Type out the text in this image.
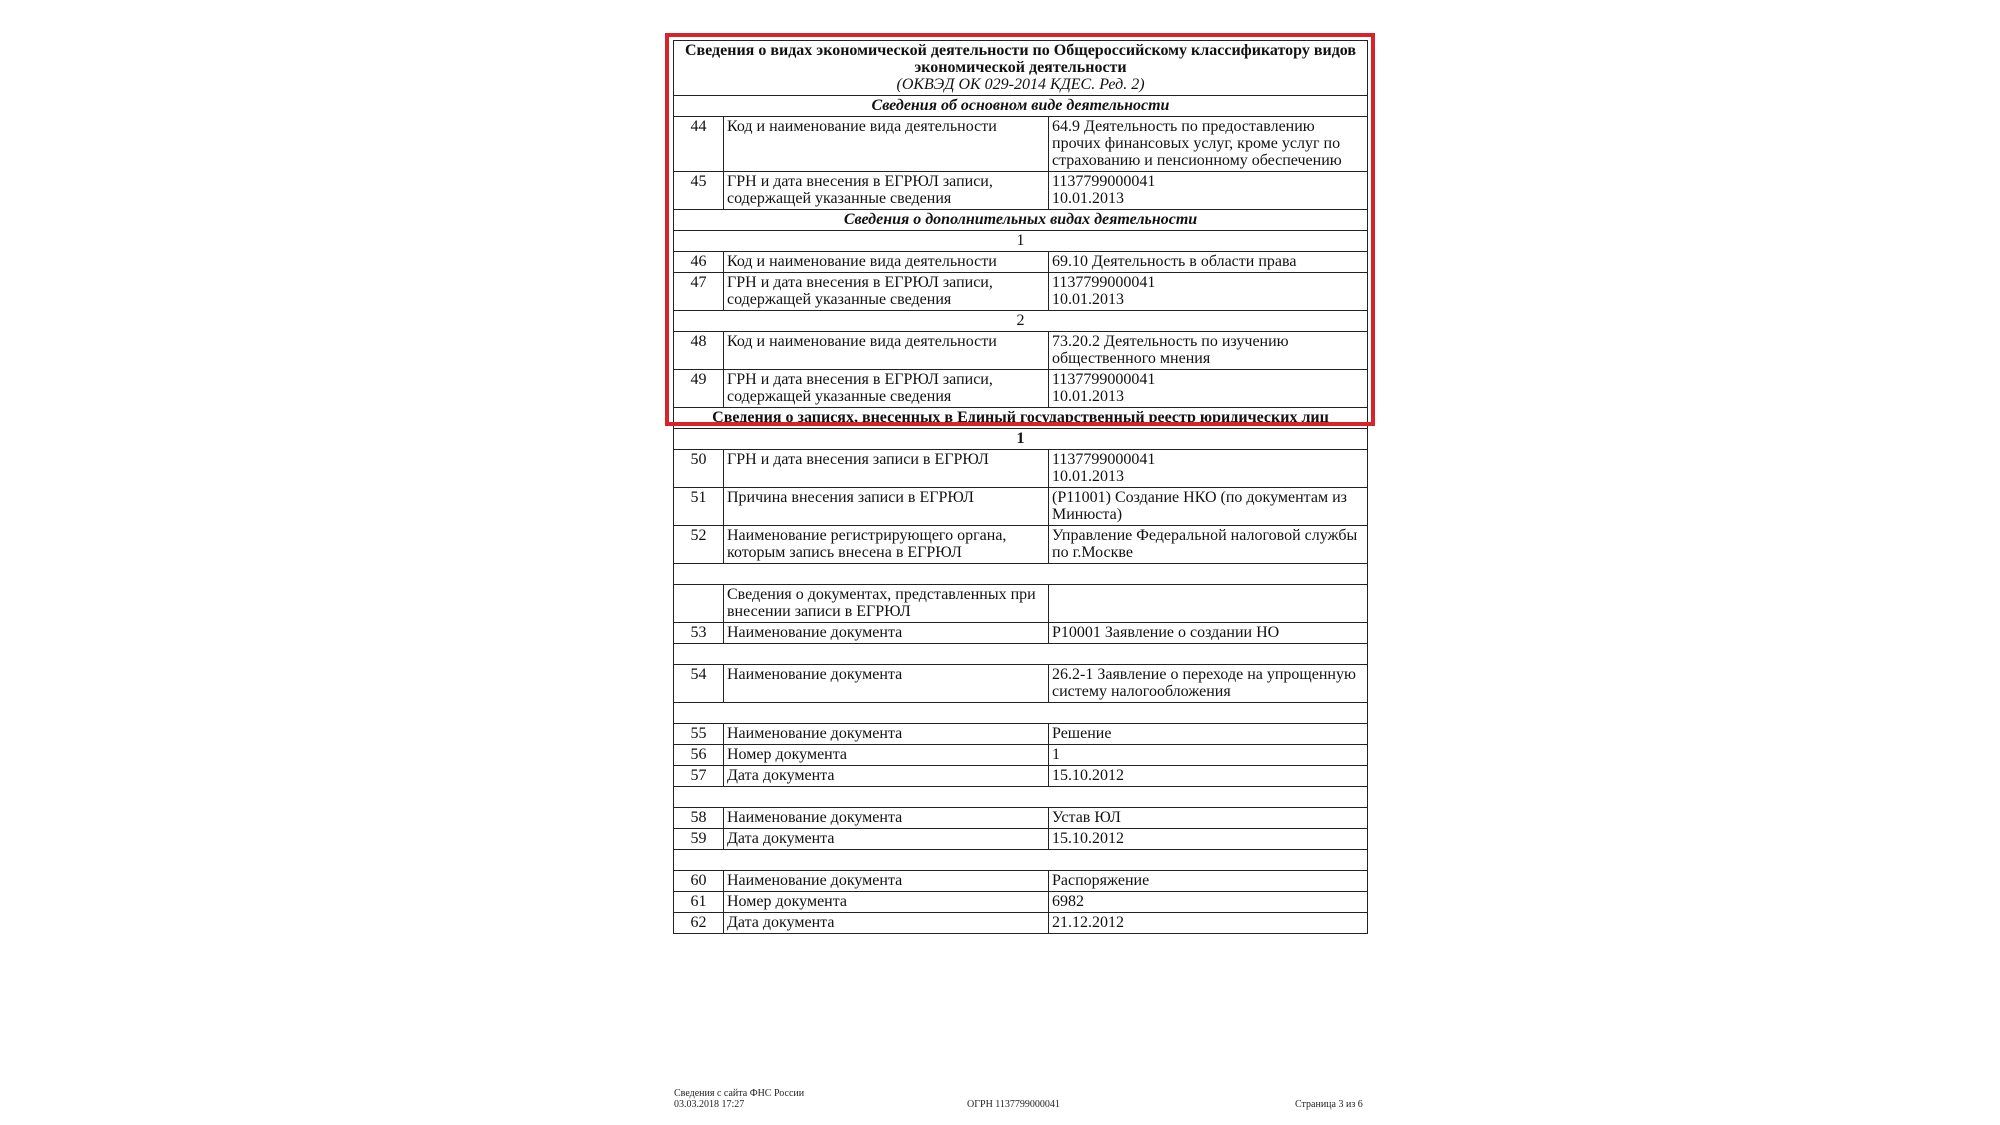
Сведения о видах экономической деятельности по Общероссийскому классификатору видов экономической деятельности
(ОКВЭД ОК 029-2014 КДЕС. Ред. 2)		

Сведения об основном виде деятельности		
44	Код и наименование вида деятельности	64.9 Деятельность по предоставлению прочих финансовых услуг, кроме услуг по страхованию и пенсионному обеспечению
45	ГРН и дата внесения в ЕГРЮЛ записи, содержащей указанные сведения	1137799000041
10.01.2013
Сведения о дополнительных видах деятельности		
1		
46	Код и наименование вида деятельности	69.10 Деятельность в области права
47	ГРН и дата внесения в ЕГРЮЛ записи, содержащей указанные сведения	1137799000041
10.01.2013
2		
48	Код и наименование вида деятельности	73.20.2 Деятельность по изучению общественного мнения
49	ГРН и дата внесения в ЕГРЮЛ записи, содержащей указанные сведения	1137799000041
10.01.2013
Сведения о записях, внесенных в Единый государственный реестр юридических лиц		
1		
50	ГРН и дата внесения записи в ЕГРЮЛ	1137799000041
10.01.2013
51	Причина внесения записи в ЕГРЮЛ	(Р11001) Создание НКО (по документам из Минюста)
52	Наименование регистрирующего органа, которым запись внесена в ЕГРЮЛ	Управление Федеральной налоговой службы по г.Москве

	Сведения о документах, представленных при внесении записи в ЕГРЮЛ	
53	Наименование документа	Р10001 Заявление о создании НО

54	Наименование документа	26.2-1 Заявление о переходе на упрощенную систему налогообложения

55	Наименование документа	Решение
56	Номер документа	1
57	Дата документа	15.10.2012

58	Наименование документа	Устав ЮЛ
59	Дата документа	15.10.2012

60	Наименование документа	Распоряжение
61	Номер документа	6982
62	Дата документа	21.12.2012
Сведения с сайта ФНС России
03.03.2018 17:27	ОГРН 1137799000041	Страница 3 из 6
